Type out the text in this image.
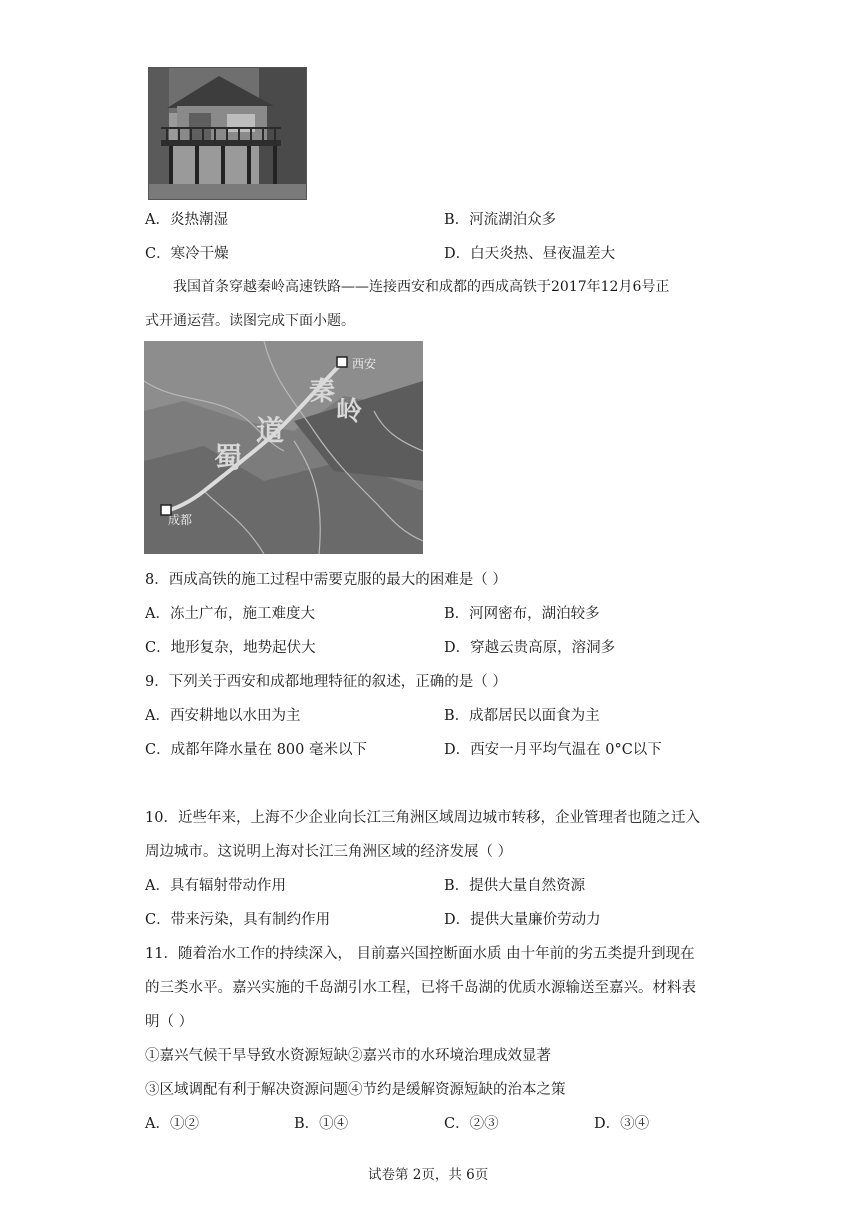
A．炎热潮湿	B．河流湖泊众多
C．寒冷干燥	D．白天炎热、昼夜温差大
我国首条穿越秦岭高速铁路——连接西安和成都的西成高铁于2017年12月6号正
式开通运营。读图完成下面小题。
西安
成都
秦
岭
蜀
道
8．西成高铁的施工过程中需要克服的最大的困难是（ ）
A．冻土广布，施工难度大	B．河网密布，湖泊较多
C．地形复杂，地势起伏大	D．穿越云贵高原，溶洞多
9．下列关于西安和成都地理特征的叙述，正确的是（ ）
A．西安耕地以水田为主	B．成都居民以面食为主
C．成都年降水量在 800 毫米以下	D．西安一月平均气温在 0°C以下
10．近些年来，上海不少企业向长江三角洲区域周边城市转移，企业管理者也随之迁入
周边城市。这说明上海对长江三角洲区域的经济发展（ ）
A．具有辐射带动作用	B．提供大量自然资源
C．带来污染，具有制约作用	D．提供大量廉价劳动力
11．随着治水工作的持续深入， 目前嘉兴国控断面水质 由十年前的劣五类提升到现在
的三类水平。嘉兴实施的千岛湖引水工程，已将千岛湖的优质水源输送至嘉兴。材料表
明（ ）
①嘉兴气候干旱导致水资源短缺②嘉兴市的水环境治理成效显著
③区域调配有利于解决资源问题④节约是缓解资源短缺的治本之策
A．①②	B．①④	C．②③	D．③④
试卷第 2页，共 6页
